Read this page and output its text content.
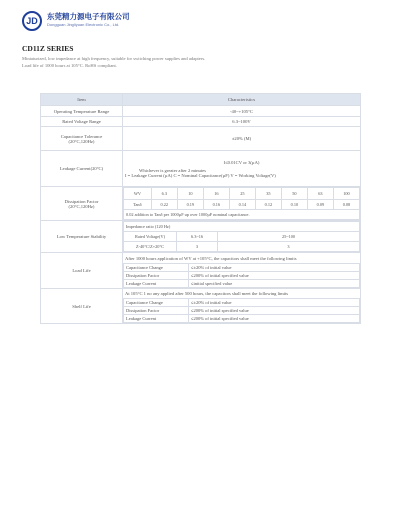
JD	东莞精力源电子有限公司
Dongguan Jingliyuan Electronic Co., Ltd.
CD11Z SERIES
Miniaturized, low impedance at high frequency, suitable for switching power supplies and adapters.
Load life of 1000 hours at 105°C. RoHS compliant.
Item	Characteristics
Operating Temperature Range	-40~+105°C
Rated Voltage Range	6.3~100V

Capacitance Tolerance
(20°C,120Hz)	±20% (M)
Leakage Current(20°C)	
I≤0.01CV or 3(µA)
Whichever is greater after 2 minutes
I = Leakage Current (µA) C = Nominal Capacitance(µF) V = Working Voltage(V)

Dissipation Factor
(20°C,120Hz)

WV	6.3	10	16	25	35	50	63	100
Tanδ	0.22	0.19	0.16	0.14	0.12	0.10	0.09	0.08
0.02 addition to Tanδ per 1000µF up over 1000µF nominal capacitance.

Low Temperature Stability	
Impedance ratio (120 Hz)
Rated Voltage(V)	6.3~16	25~100
Z-40°C/Z+20°C	3	3

Load Life	
After 1000 hours application of WV at +105°C, the capacitors shall meet the following limits
Capacitance Change	≤±20% of initial value
Dissipation Factor	≤200% of initial specified value
Leakage Current	≤initial specified value

Shelf Life	
At 105°C 1 no any applied after 500 hours, the capacitors shall meet the following limits
Capacitance Change	≤±20% of initial value
Dissipation Factor	≤200% of initial specified value
Leakage Current	≤200% of initial specified value
